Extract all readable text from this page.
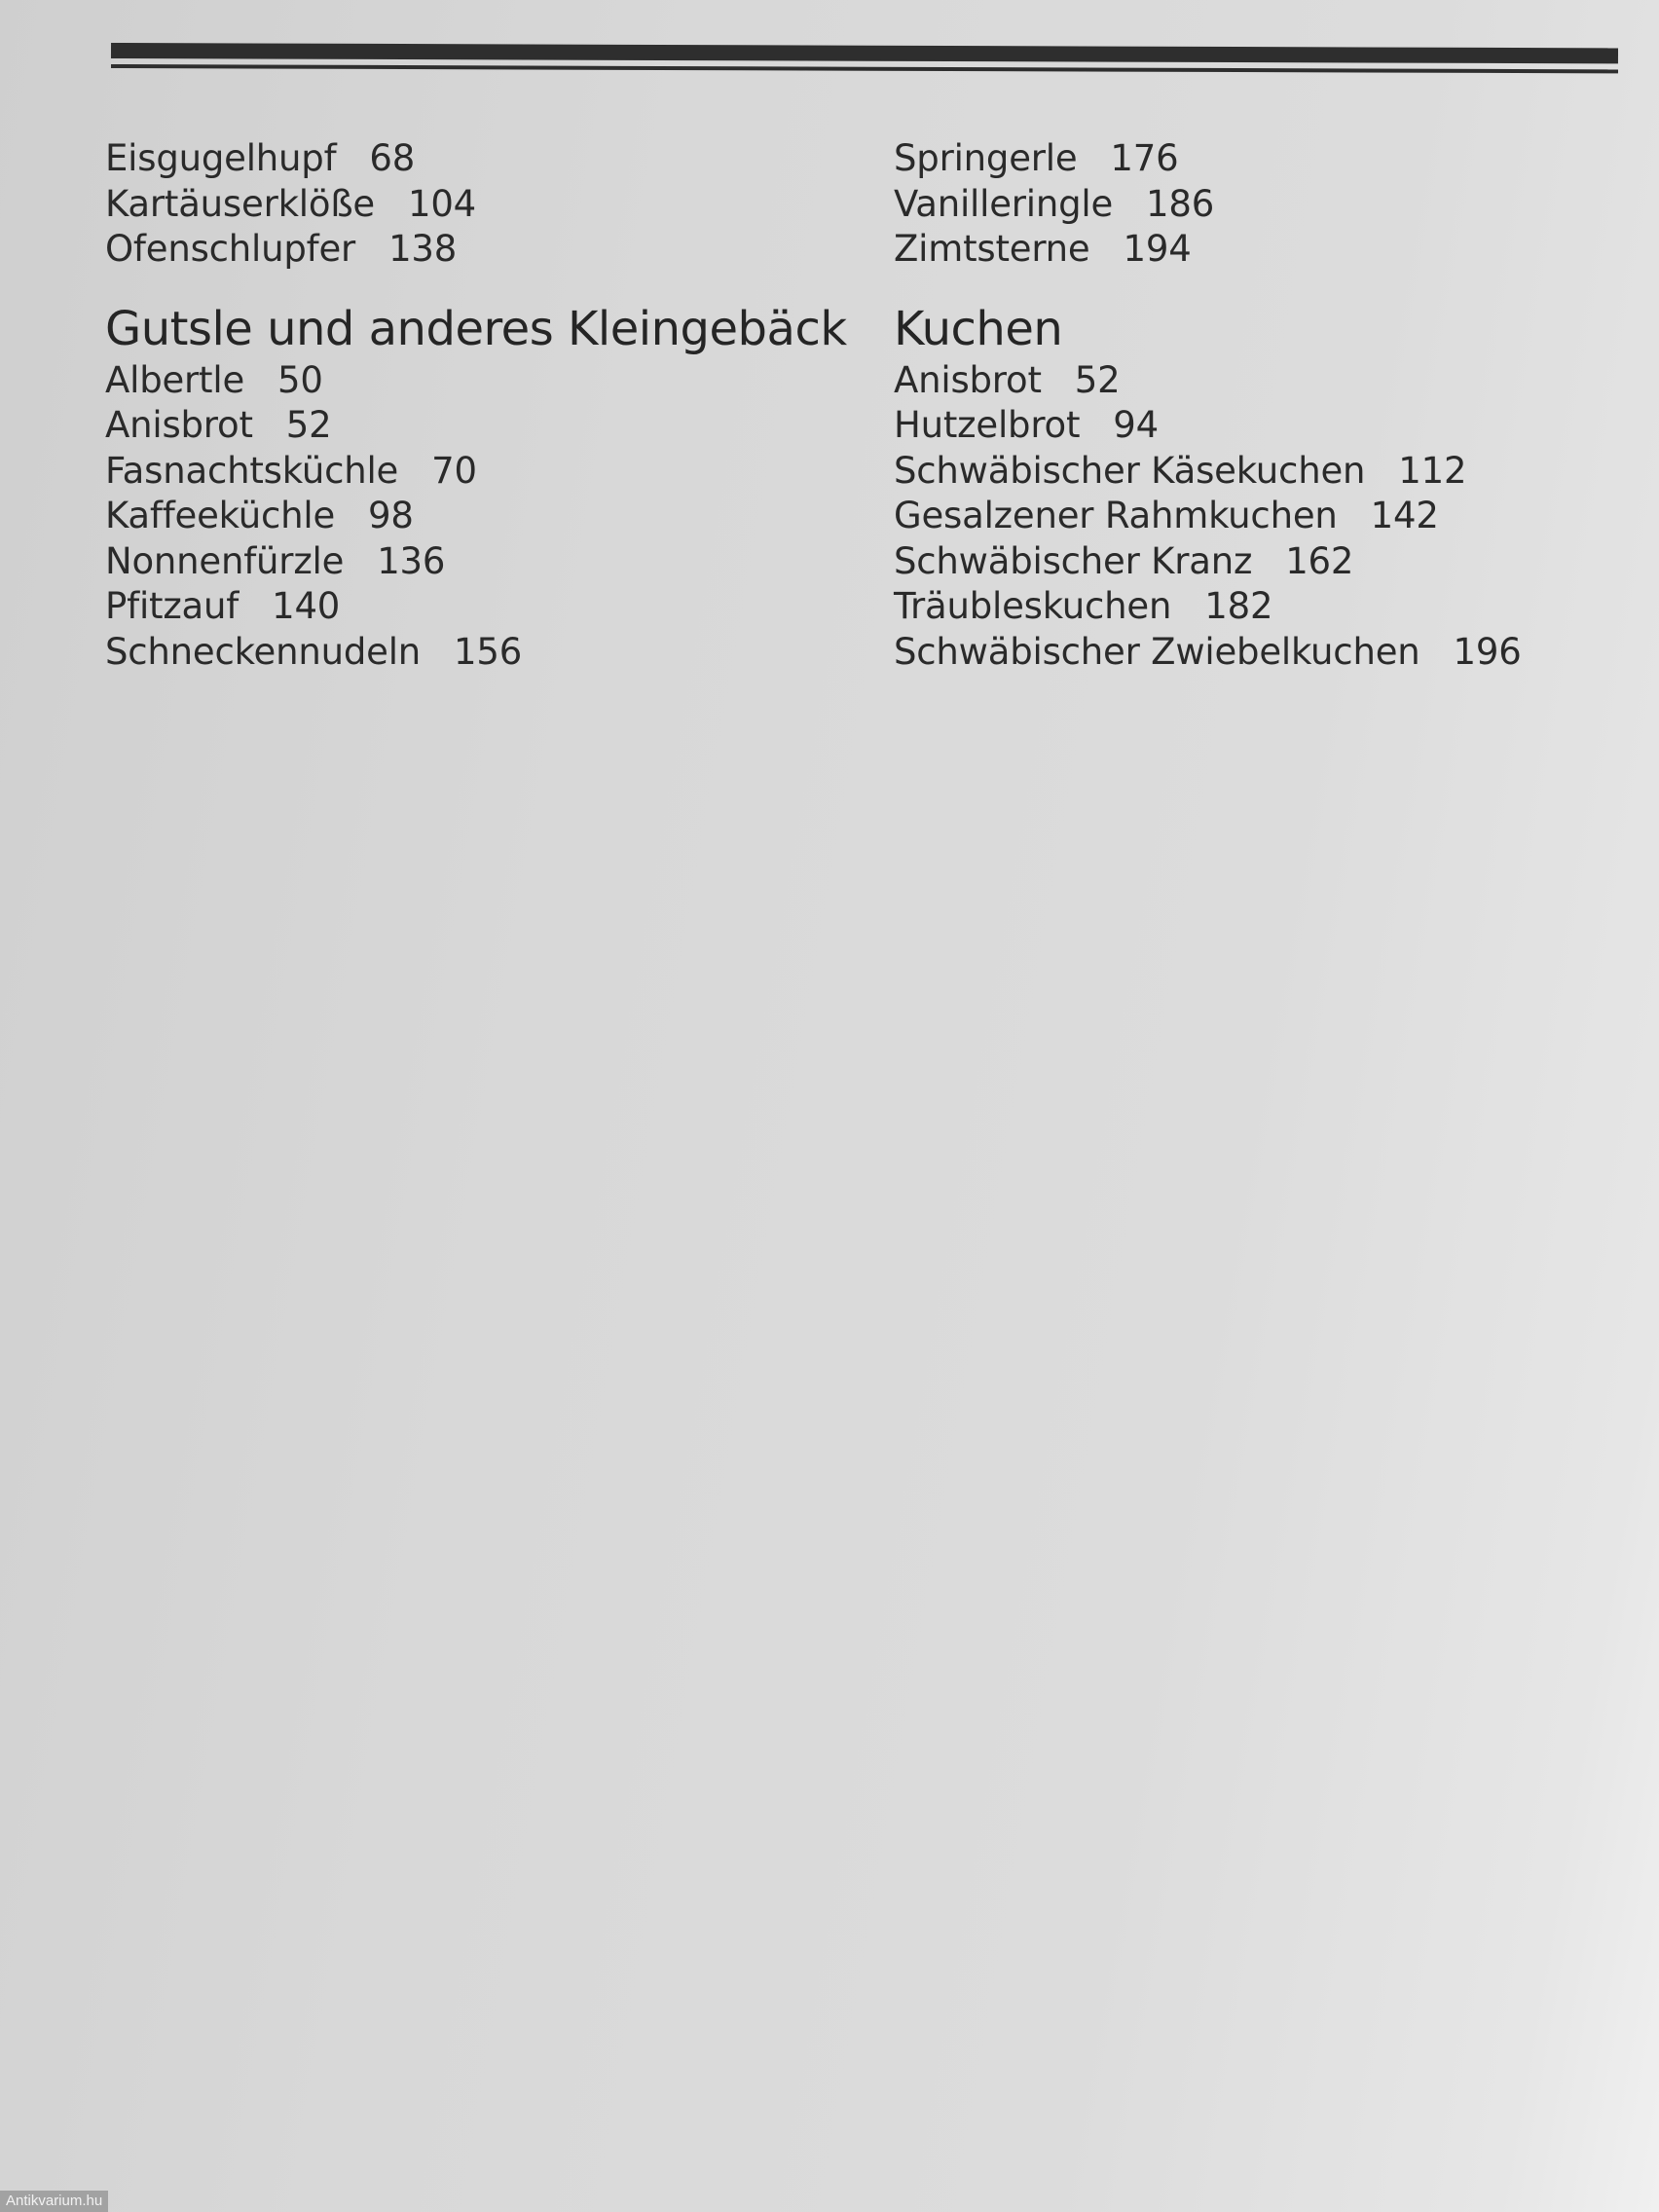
Eisgugelhupf 68
Kartäuserklöße 104
Ofenschlupfer 138
Gutsle und anderes Kleingebäck
Albertle 50
Anisbrot 52
Fasnachtsküchle 70
Kaffeeküchle 98
Nonnenfürzle 136
Pfitzauf 140
Schneckennudeln 156
Springerle 176
Vanilleringle 186
Zimtsterne 194
Kuchen
Anisbrot 52
Hutzelbrot 94
Schwäbischer Käsekuchen 112
Gesalzener Rahmkuchen 142
Schwäbischer Kranz 162
Träubleskuchen 182
Schwäbischer Zwiebelkuchen 196
Antikvarium.hu
